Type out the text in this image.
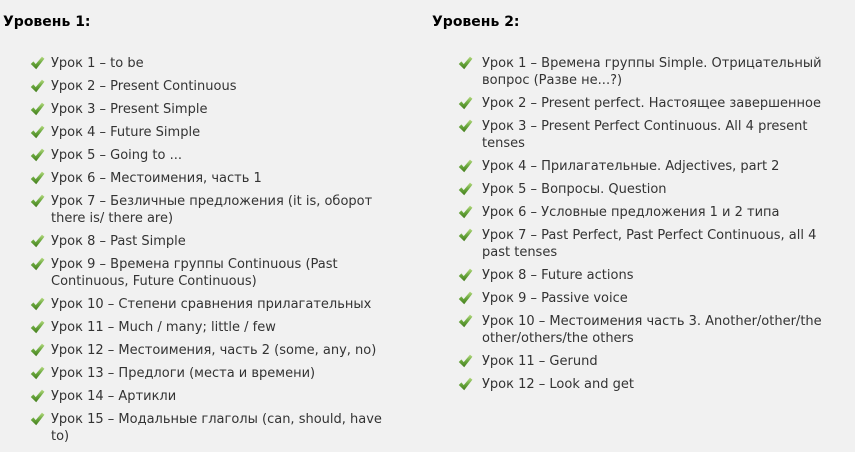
Уровень 1:
Урок 1 – to be
Урок 2 – Present Continuous
Урок 3 – Present Simple
Урок 4 – Future Simple
Урок 5 – Going to ...
Урок 6 – Местоимения, часть 1
Урок 7 – Безличные предложения (it is, оборот there is/ there are)
Урок 8 – Past Simple
Урок 9 – Времена группы Continuous (Past Continuous, Future Continuous)
Урок 10 – Степени сравнения прилагательных
Урок 11 – Much / many; little / few
Урок 12 – Местоимения, часть 2 (some, any, no)
Урок 13 – Предлоги (места и времени)
Урок 14 – Артикли
Урок 15 – Модальные глаголы (can, should, have to)
Уровень 2:
Урок 1 – Времена группы Simple. Отрицательный вопрос (Разве не...?)
Урок 2 – Present perfect. Настоящее завершенное
Урок 3 – Present Perfect Continuous. All 4 present tenses
Урок 4 – Прилагательные. Adjectives, part 2
Урок 5 – Вопросы. Question
Урок 6 – Условные предложения 1 и 2 типа
Урок 7 – Past Perfect, Past Perfect Continuous, all 4 past tenses
Урок 8 – Future actions
Урок 9 – Passive voice
Урок 10 – Местоимения часть 3. Another/other/the other/others/the others
Урок 11 – Gerund
Урок 12 – Look and get
